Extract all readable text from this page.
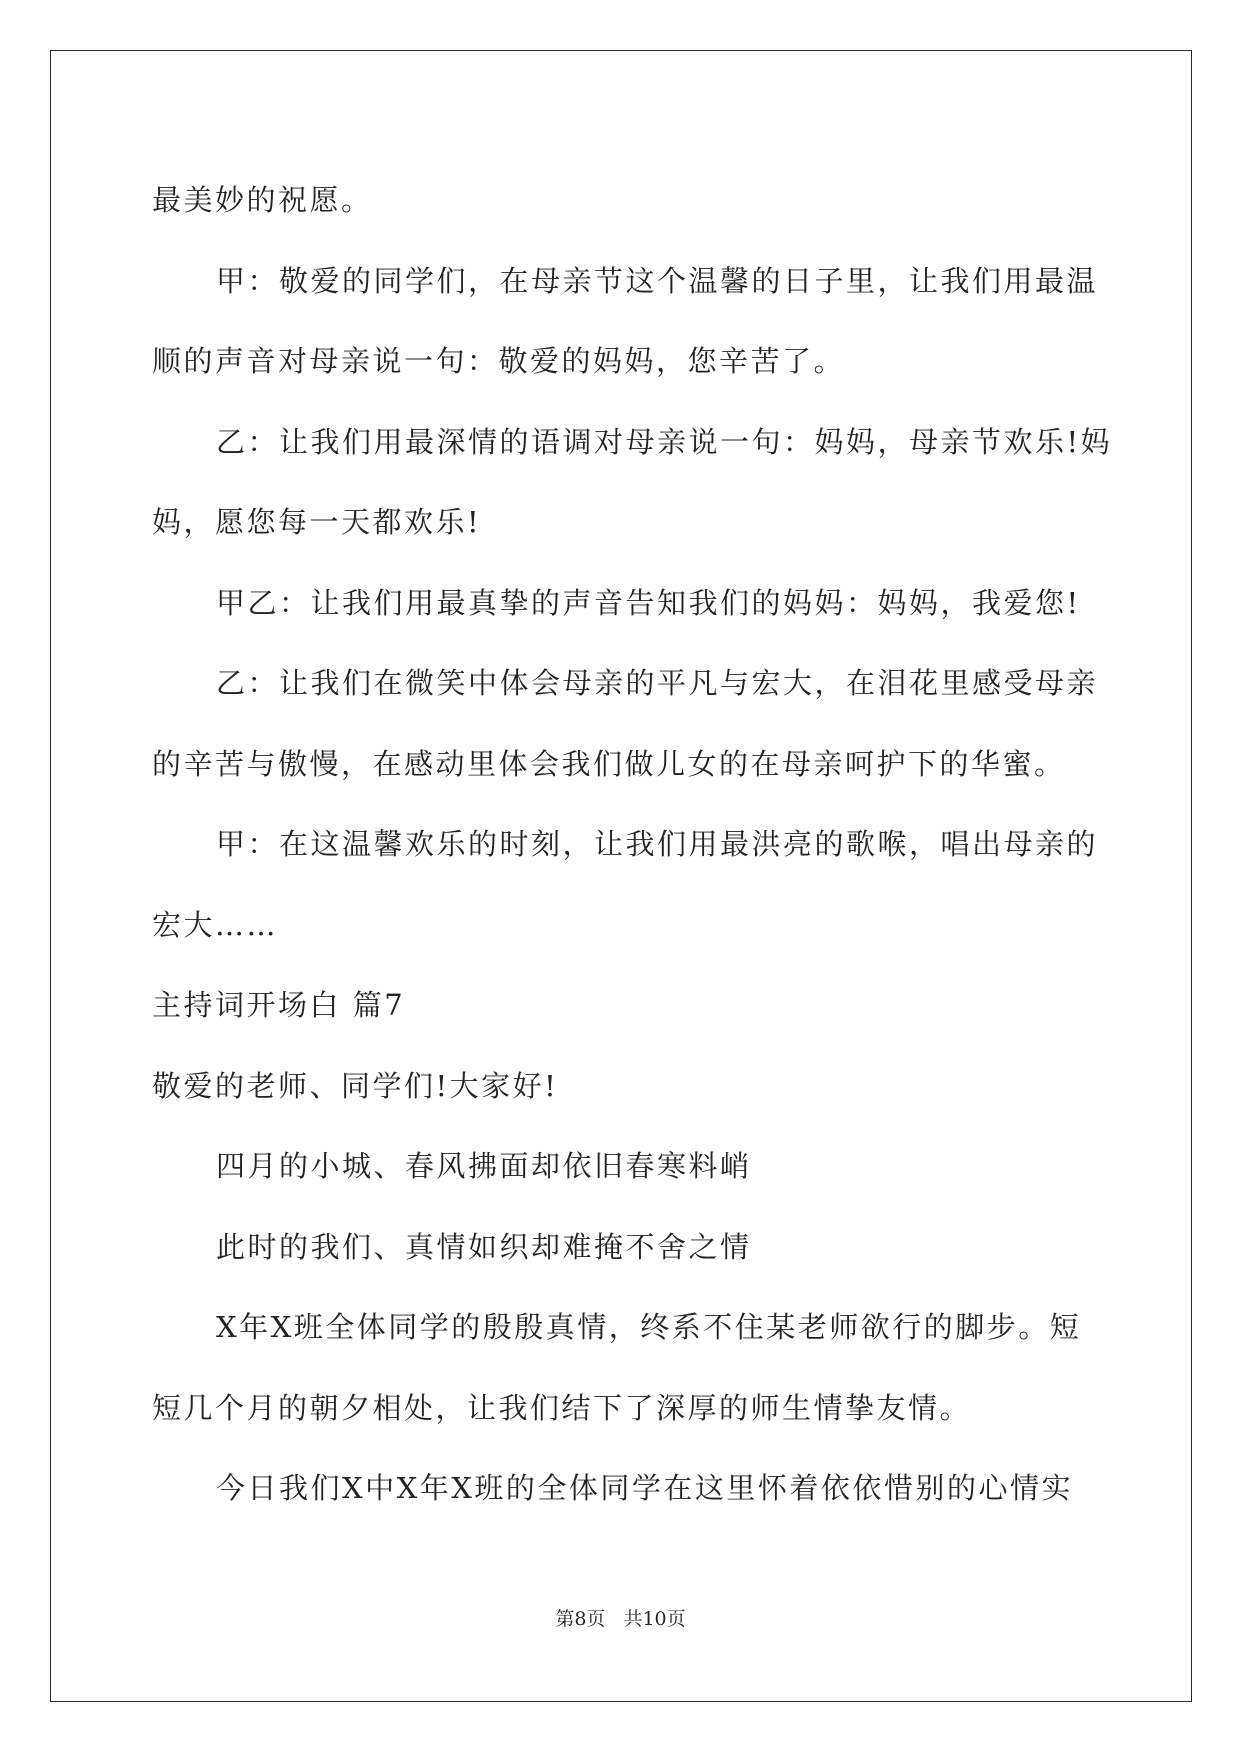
最美妙的祝愿。
甲：敬爱的同学们，在母亲节这个温馨的日子里，让我们用最温
顺的声音对母亲说一句：敬爱的妈妈，您辛苦了。
乙：让我们用最深情的语调对母亲说一句：妈妈，母亲节欢乐!妈
妈，愿您每一天都欢乐!
甲乙：让我们用最真挚的声音告知我们的妈妈：妈妈，我爱您!
乙：让我们在微笑中体会母亲的平凡与宏大，在泪花里感受母亲
的辛苦与傲慢，在感动里体会我们做儿女的在母亲呵护下的华蜜。
甲：在这温馨欢乐的时刻，让我们用最洪亮的歌喉，唱出母亲的
宏大……
主持词开场白 篇7
敬爱的老师、同学们!大家好!
四月的小城、春风拂面却依旧春寒料峭
此时的我们、真情如织却难掩不舍之情
X年X班全体同学的殷殷真情，终系不住某老师欲行的脚步。短
短几个月的朝夕相处，让我们结下了深厚的师生情挚友情。
今日我们X中X年X班的全体同学在这里怀着依依惜别的心情实
第8页 共10页
